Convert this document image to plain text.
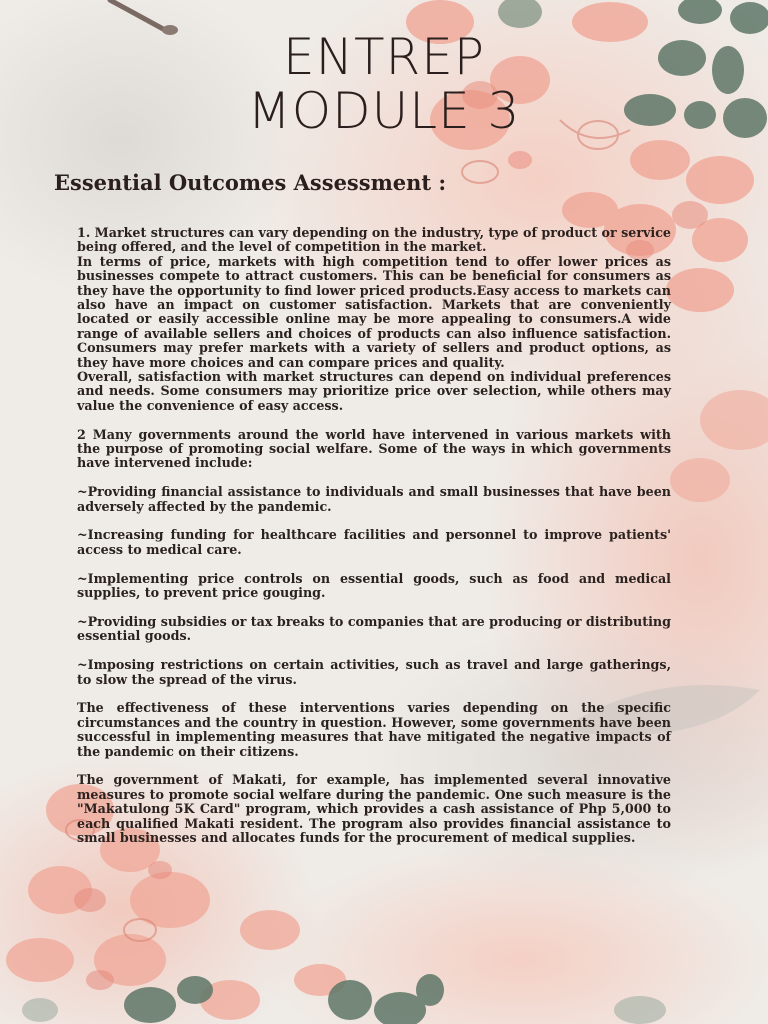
ENTREP
MODULE 3
Essential Outcomes Assessment :

1. Market structures can vary depending on the industry, type of product or service being offered, and the level of competition in the market.

In terms of price, markets with high competition tend to offer lower prices as businesses compete to attract customers. This can be beneficial for consumers as they have the opportunity to find lower priced products.Easy access to markets can also have an impact on customer satisfaction. Markets that are conveniently located or easily accessible online may be more appealing to consumers.A wide range of available sellers and choices of products can also influence satisfaction. Consumers may prefer markets with a variety of sellers and product options, as they have more choices and can compare prices and quality.

Overall, satisfaction with market structures can depend on individual preferences and needs. Some consumers may prioritize price over selection, while others may value the convenience of easy access.

2 Many governments around the world have intervened in various markets with the purpose of promoting social welfare. Some of the ways in which governments have intervened include:

~Providing financial assistance to individuals and small businesses that have been adversely affected by the pandemic.

~Increasing funding for healthcare facilities and personnel to improve patients' access to medical care.

~Implementing price controls on essential goods, such as food and medical supplies, to prevent price gouging.

~Providing subsidies or tax breaks to companies that are producing or distributing essential goods.

~Imposing restrictions on certain activities, such as travel and large gatherings, to slow the spread of the virus.

The effectiveness of these interventions varies depending on the specific circumstances and the country in question. However, some governments have been successful in implementing measures that have mitigated the negative impacts of the pandemic on their citizens.

The government of Makati, for example, has implemented several innovative measures to promote social welfare during the pandemic. One such measure is the "Makatulong 5K Card" program, which provides a cash assistance of Php 5,000 to each qualified Makati resident. The program also provides financial assistance to small businesses and allocates funds for the procurement of medical supplies.
